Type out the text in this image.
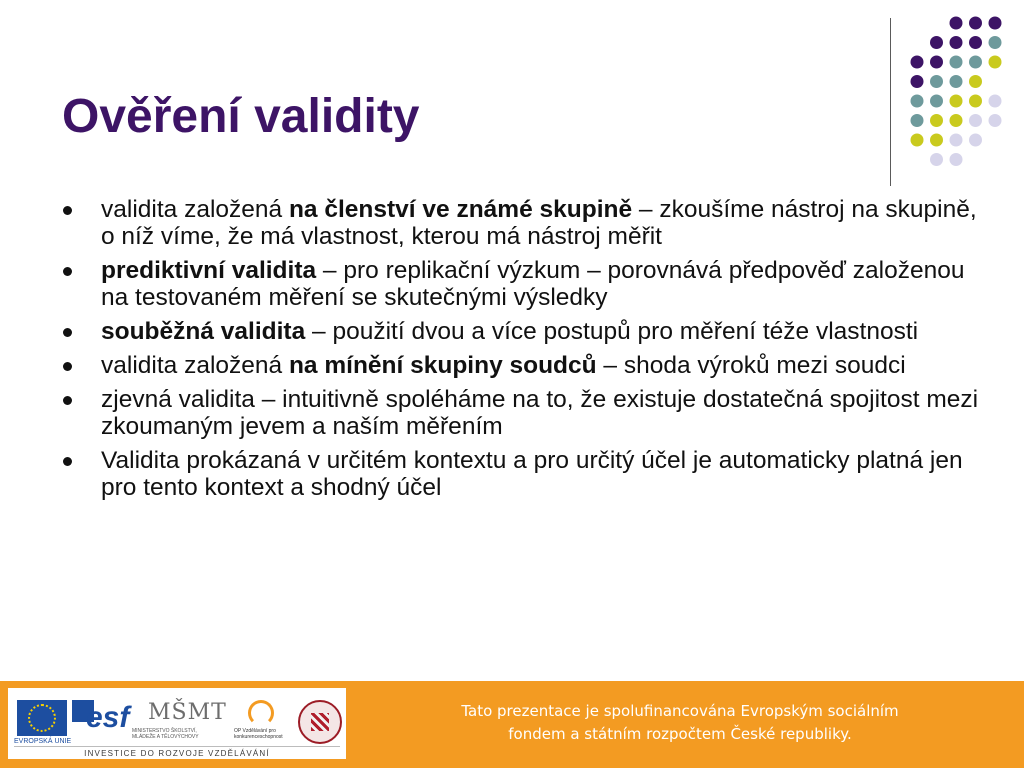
Ověření validity
validita založená na členství ve známé skupině – zkoušíme nástroj na skupině, o níž víme, že má vlastnost, kterou má nástroj měřit
prediktivní validita – pro replikační výzkum – porovnává předpověď založenou na testovaném měření se skutečnými výsledky
souběžná validita – použití dvou a více postupů pro měření téže vlastnosti
validita založená na mínění skupiny soudců – shoda výroků mezi soudci
zjevná validita – intuitivně spoléháme na to, že existuje dostatečná spojitost mezi zkoumaným jevem a naším měřením
Validita prokázaná v určitém kontextu a pro určitý účel je automaticky platná jen pro tento kontext a shodný účel
EVROPSKÁ UNIE
esf MŠMT
MINISTERSTVO ŠKOLSTVÍ, MLÁDEŽE A TĚLOVÝCHOVY
OP Vzdělávání pro konkurenceschopnost
INVESTICE DO ROZVOJE VZDĚLÁVÁNÍ
Tato prezentace je spolufinancována Evropským sociálním
fondem a státním rozpočtem České republiky.
